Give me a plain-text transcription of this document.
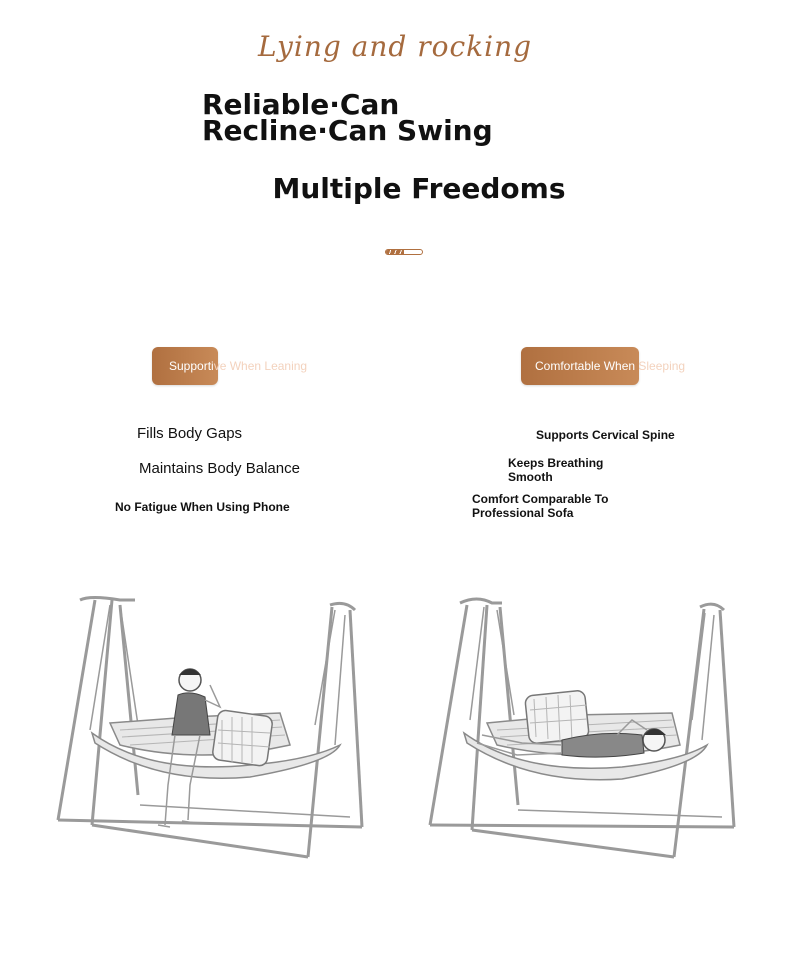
Lying and rocking
Reliable·Can Recline·Can Swing
Multiple Freedoms
Supportive When Leaning	Comfortable When Sleeping
Fills Body Gaps
Maintains Body Balance
No Fatigue When Using Phone
Supports Cervical Spine
Keeps Breathing Smooth
Comfort Comparable To Professional Sofa
